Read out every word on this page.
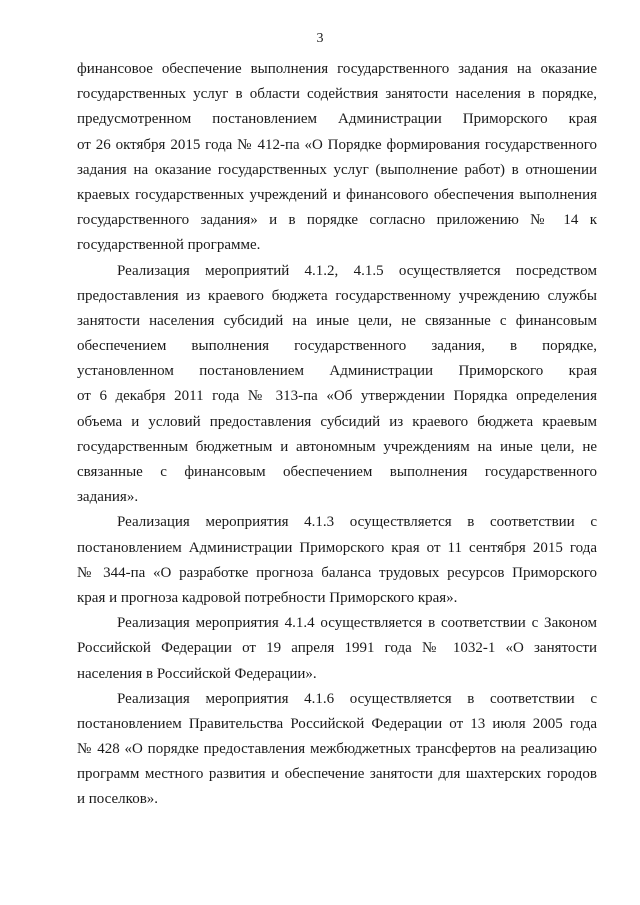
3
финансовое обеспечение выполнения государственного задания на оказание
государственных услуг в области содействия занятости населения в порядке,
предусмотренном постановлением Администрации Приморского края
от 26 октября 2015 года № 412-па «О Порядке формирования государственного
задания на оказание государственных услуг (выполнение работ) в отношении
краевых государственных учреждений и финансового обеспечения выполнения
государственного задания» и в порядке согласно приложению № 14 к
государственной программе.
Реализация мероприятий 4.1.2, 4.1.5 осуществляется посредством
предоставления из краевого бюджета государственному учреждению службы
занятости населения субсидий на иные цели, не связанные с финансовым
обеспечением выполнения государственного задания, в порядке,
установленном постановлением Администрации Приморского края
от 6 декабря 2011 года № 313-па «Об утверждении Порядка определения
объема и условий предоставления субсидий из краевого бюджета краевым
государственным бюджетным и автономным учреждениям на иные цели, не
связанные с финансовым обеспечением выполнения государственного
задания».
Реализация мероприятия 4.1.3 осуществляется в соответствии с
постановлением Администрации Приморского края от 11 сентября 2015 года
№ 344-па «О разработке прогноза баланса трудовых ресурсов Приморского
края и прогноза кадровой потребности Приморского края».
Реализация мероприятия 4.1.4 осуществляется в соответствии с Законом
Российской Федерации от 19 апреля 1991 года № 1032-1 «О занятости
населения в Российской Федерации».
Реализация мероприятия 4.1.6 осуществляется в соответствии с
постановлением Правительства Российской Федерации от 13 июля 2005 года
№ 428 «О порядке предоставления межбюджетных трансфертов на реализацию
программ местного развития и обеспечение занятости для шахтерских городов
и поселков».
